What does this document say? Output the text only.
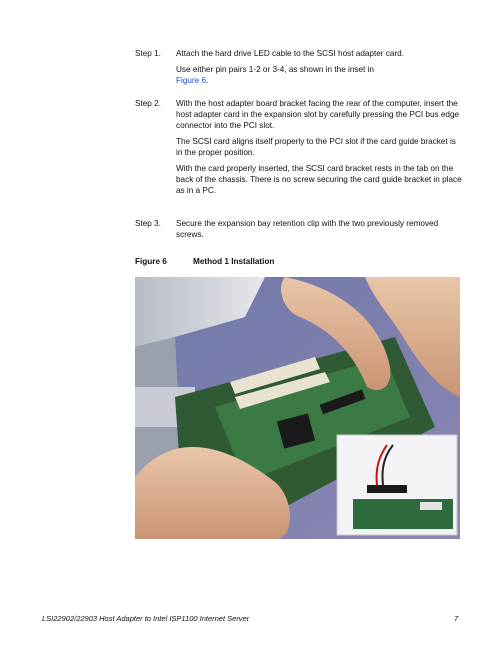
Step 1.	Attach the hard drive LED cable to the SCSI host adapter card.

Use either pin pairs 1-2 or 3-4, as shown in the inset in
Figure 6.

Step 2.	With the host adapter board bracket facing the rear of the computer, insert the host adapter card in the expansion slot by carefully pressing the PCI bus edge connector into the PCI slot.

The SCSI card aligns itself properly to the PCI slot if the card guide bracket is in the proper position.

With the card properly inserted, the SCSI card bracket rests in the tab on the back of the chassis. There is no screw securing the card guide bracket in place as in a PC.

Step 3.	Secure the expansion bay retention clip with the two previously removed screws.

Figure 6	Method 1 Installation
LSI22902/22903 Host Adapter to Intel ISP1100 Internet Server	7
